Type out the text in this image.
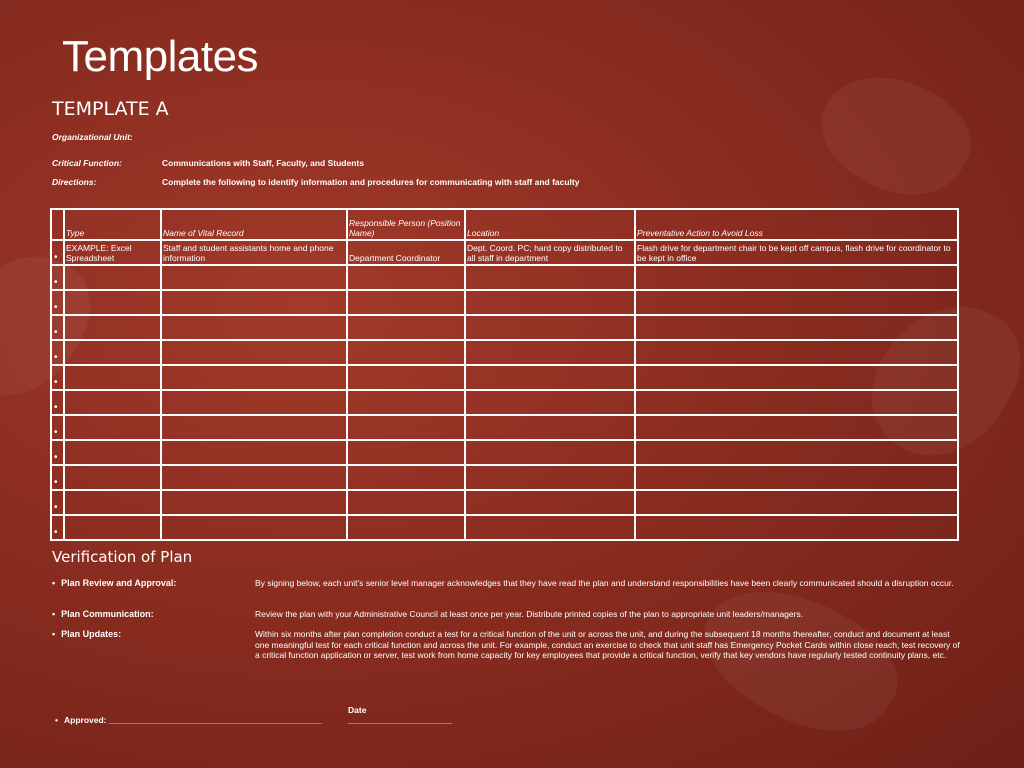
Templates
TEMPLATE A
Organizational Unit:
Critical Function:	Communications with Staff, Faculty, and Students
Directions:	Complete the following to identify information and procedures for communicating with staff and faculty
	Type	Name of Vital Record	Responsible Person (Position Name)	Location	Preventative Action to Avoid Loss

•	EXAMPLE: Excel Spreadsheet	Staff and student assistants home and phone information	Department Coordinator	Dept. Coord. PC; hard copy distributed to all staff in department	Flash drive for department chair to be kept off campus, flash drive for coordinator to be kept in office

•					

•					

•					

•					

•					

•					

•					

•					

•					

•					

•					

Verification of Plan
• Plan Review and Approval:	By signing below, each unit's senior level manager acknowledges that they have read the plan and understand responsibilities have been clearly communicated should a disruption occur.
• Plan Communication:	Review the plan with your Administrative Council at least once per year. Distribute printed copies of the plan to appropriate unit leaders/managers.
• Plan Updates:	Within six months after plan completion conduct a test for a critical function of the unit or across the unit, and during the subsequent 18 months thereafter, conduct and document at least one meaningful test for each critical function and across the unit. For example, conduct an exercise to check that unit staff has Emergency Pocket Cards within close reach, test recovery of a critical function application or server, test work from home capacity for key employees that provide a critical function, verify that key vendors have regularly tested continuity plans, etc.
• Approved: _____________________________________________
Date
______________________
